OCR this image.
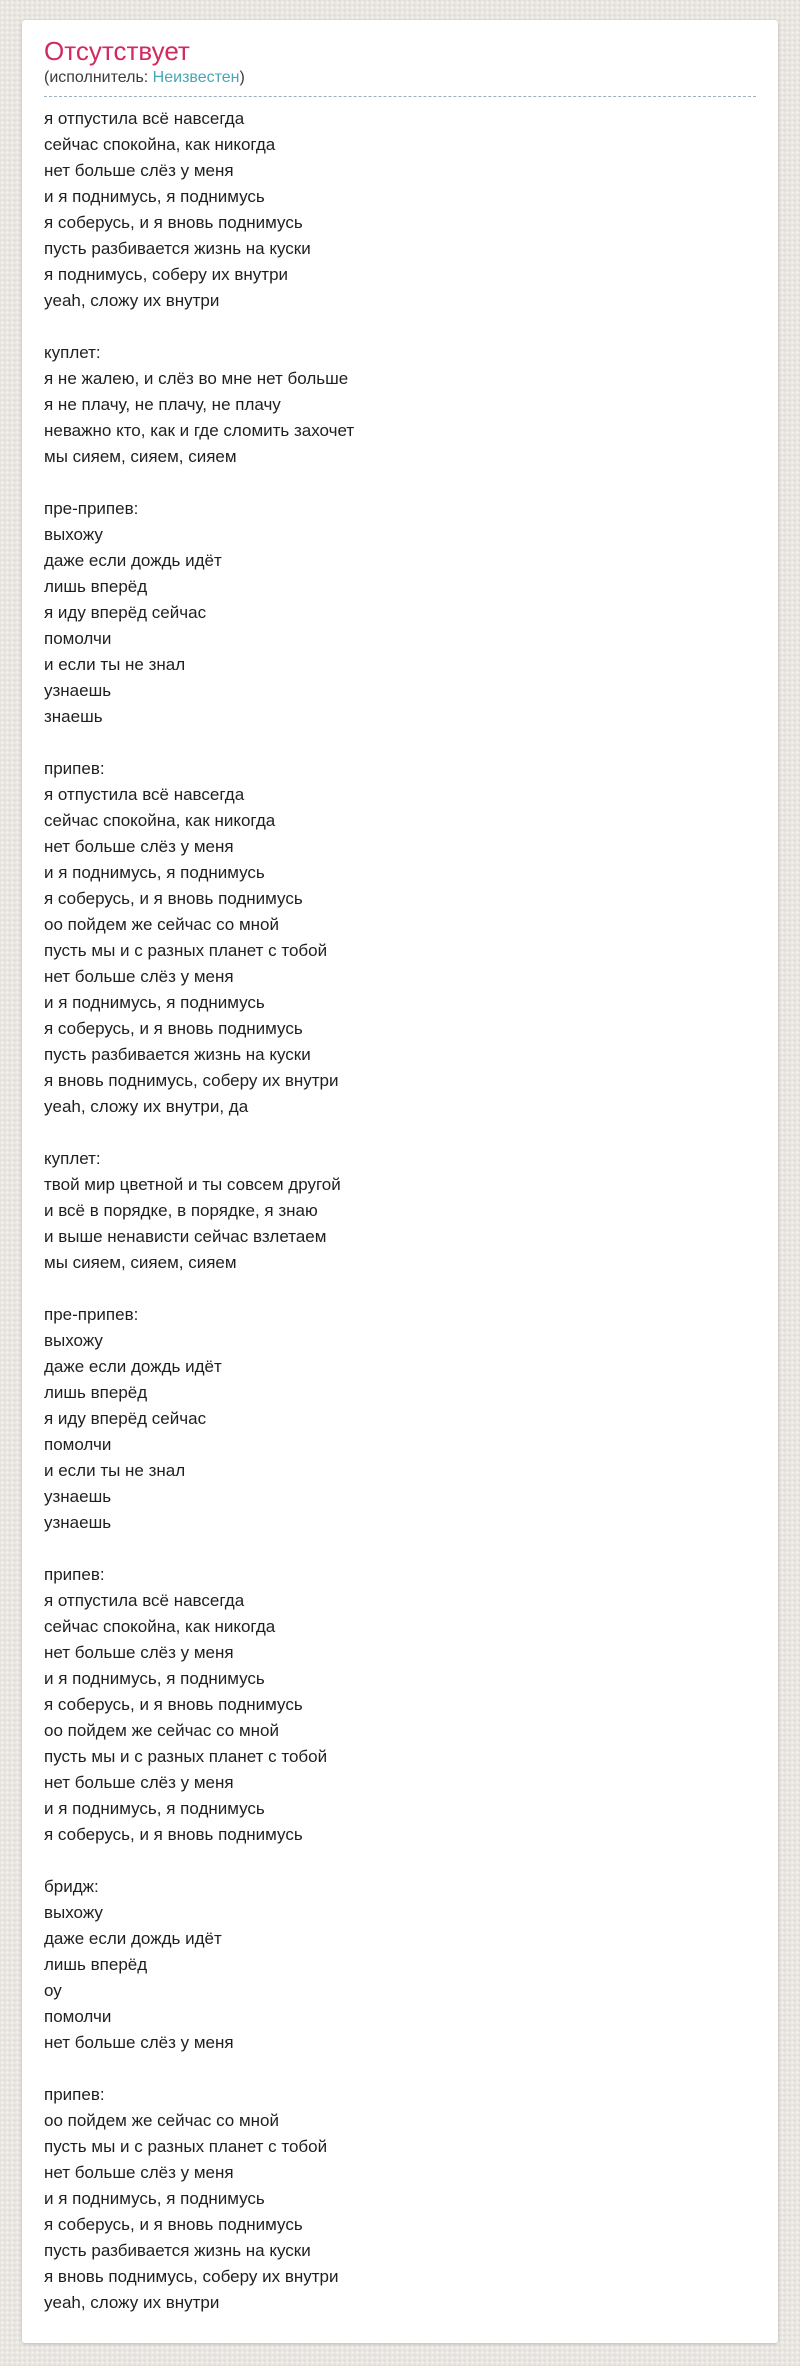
Отсутствует
(исполнитель: Неизвестен)
я отпустила всё навсегда
сейчас спокойна, как никогда
нет больше слёз у меня
и я поднимусь, я поднимусь
я соберусь, и я вновь поднимусь
пусть разбивается жизнь на куски
я поднимусь, соберу их внутри
yeah, сложу их внутри
куплет:
я не жалею, и слёз во мне нет больше
я не плачу, не плачу, не плачу
неважно кто, как и где сломить захочет
мы сияем, сияем, сияем
пре-припев:
выхожу
даже если дождь идёт
лишь вперёд
я иду вперёд сейчас
помолчи
и если ты не знал
узнаешь
знаешь
припев:
я отпустила всё навсегда
сейчас спокойна, как никогда
нет больше слёз у меня
и я поднимусь, я поднимусь
я соберусь, и я вновь поднимусь
оо пойдем же сейчас со мной
пусть мы и с разных планет с тобой
нет больше слёз у меня
и я поднимусь, я поднимусь
я соберусь, и я вновь поднимусь
пусть разбивается жизнь на куски
я вновь поднимусь, соберу их внутри
yeah, сложу их внутри, да
куплет:
твой мир цветной и ты совсем другой
и всё в порядке, в порядке, я знаю
и выше ненависти сейчас взлетаем
мы сияем, сияем, сияем
пре-припев:
выхожу
даже если дождь идёт
лишь вперёд
я иду вперёд сейчас
помолчи
и если ты не знал
узнаешь
узнаешь
припев:
я отпустила всё навсегда
сейчас спокойна, как никогда
нет больше слёз у меня
и я поднимусь, я поднимусь
я соберусь, и я вновь поднимусь
оо пойдем же сейчас со мной
пусть мы и с разных планет с тобой
нет больше слёз у меня
и я поднимусь, я поднимусь
я соберусь, и я вновь поднимусь
бридж:
выхожу
даже если дождь идёт
лишь вперёд
оу
помолчи
нет больше слёз у меня
припев:
оо пойдем же сейчас со мной
пусть мы и с разных планет с тобой
нет больше слёз у меня
и я поднимусь, я поднимусь
я соберусь, и я вновь поднимусь
пусть разбивается жизнь на куски
я вновь поднимусь, соберу их внутри
yeah, сложу их внутри
